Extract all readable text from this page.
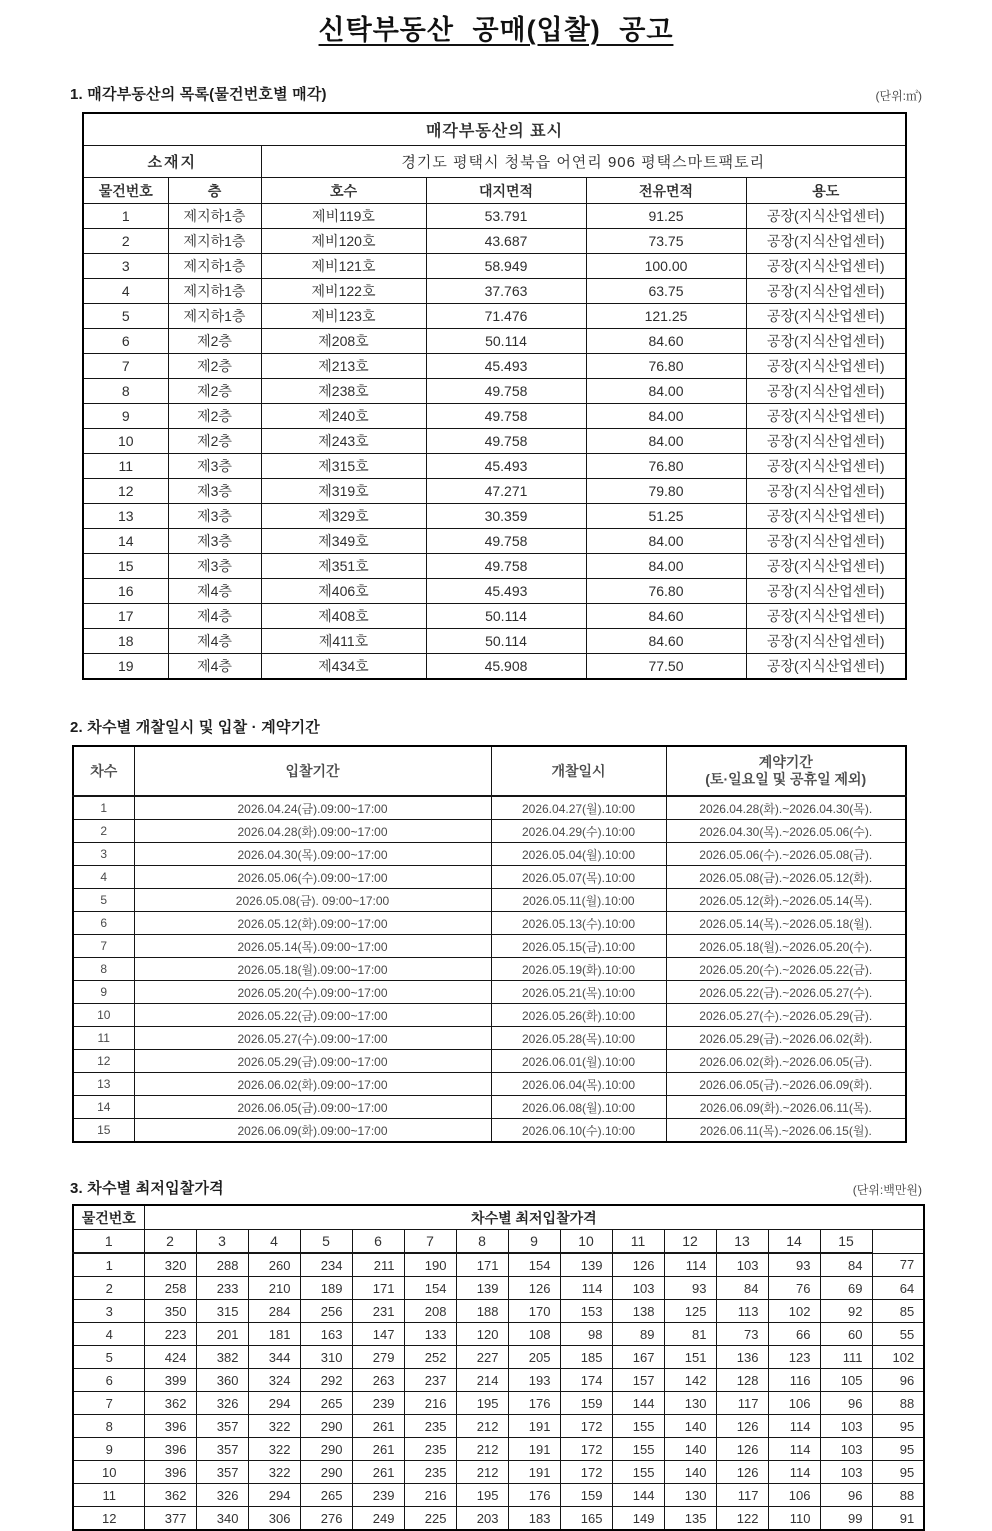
신탁부동산 공매(입찰) 공고
1. 매각부동산의 목록(물건번호별 매각)	(단위:㎡)
매각부동산의 표시					
소재지		경기도 평택시 청북읍 어연리 906 평택스마트팩토리			
물건번호	층	호수	대지면적	전유면적	용도
1	제지하1층	제비119호	53.791	91.25	공장(지식산업센터)
2	제지하1층	제비120호	43.687	73.75	공장(지식산업센터)
3	제지하1층	제비121호	58.949	100.00	공장(지식산업센터)
4	제지하1층	제비122호	37.763	63.75	공장(지식산업센터)
5	제지하1층	제비123호	71.476	121.25	공장(지식산업센터)
6	제2층	제208호	50.114	84.60	공장(지식산업센터)
7	제2층	제213호	45.493	76.80	공장(지식산업센터)
8	제2층	제238호	49.758	84.00	공장(지식산업센터)
9	제2층	제240호	49.758	84.00	공장(지식산업센터)
10	제2층	제243호	49.758	84.00	공장(지식산업센터)
11	제3층	제315호	45.493	76.80	공장(지식산업센터)
12	제3층	제319호	47.271	79.80	공장(지식산업센터)
13	제3층	제329호	30.359	51.25	공장(지식산업센터)
14	제3층	제349호	49.758	84.00	공장(지식산업센터)
15	제3층	제351호	49.758	84.00	공장(지식산업센터)
16	제4층	제406호	45.493	76.80	공장(지식산업센터)
17	제4층	제408호	50.114	84.60	공장(지식산업센터)
18	제4층	제411호	50.114	84.60	공장(지식산업센터)
19	제4층	제434호	45.908	77.50	공장(지식산업센터)
2. 차수별 개찰일시 및 입찰 · 계약기간
차수	입찰기간	개찰일시	계약기간
(토·일요일 및 공휴일 제외)

1	2026.04.24(금).09:00~17:00	2026.04.27(월).10:00	2026.04.28(화).~2026.04.30(목).
2	2026.04.28(화).09:00~17:00	2026.04.29(수).10:00	2026.04.30(목).~2026.05.06(수).
3	2026.04.30(목).09:00~17:00	2026.05.04(월).10:00	2026.05.06(수).~2026.05.08(금).
4	2026.05.06(수).09:00~17:00	2026.05.07(목).10:00	2026.05.08(금).~2026.05.12(화).
5	2026.05.08(금). 09:00~17:00	2026.05.11(월).10:00	2026.05.12(화).~2026.05.14(목).
6	2026.05.12(화).09:00~17:00	2026.05.13(수).10:00	2026.05.14(목).~2026.05.18(월).
7	2026.05.14(목).09:00~17:00	2026.05.15(금).10:00	2026.05.18(월).~2026.05.20(수).
8	2026.05.18(월).09:00~17:00	2026.05.19(화).10:00	2026.05.20(수).~2026.05.22(금).
9	2026.05.20(수).09:00~17:00	2026.05.21(목).10:00	2026.05.22(금).~2026.05.27(수).
10	2026.05.22(금).09:00~17:00	2026.05.26(화).10:00	2026.05.27(수).~2026.05.29(금).
11	2026.05.27(수).09:00~17:00	2026.05.28(목).10:00	2026.05.29(금).~2026.06.02(화).
12	2026.05.29(금).09:00~17:00	2026.06.01(월).10:00	2026.06.02(화).~2026.06.05(금).
13	2026.06.02(화).09:00~17:00	2026.06.04(목).10:00	2026.06.05(금).~2026.06.09(화).
14	2026.06.05(금).09:00~17:00	2026.06.08(월).10:00	2026.06.09(화).~2026.06.11(목).
15	2026.06.09(화).09:00~17:00	2026.06.10(수).10:00	2026.06.11(목).~2026.06.15(월).
3. 차수별 최저입찰가격	(단위:백만원)
물건번호	차수별 최저입찰가격														
1	2	3	4	5	6	7	8	9	10	11	12	13	14	15	
1	320	288	260	234	211	190	171	154	139	126	114	103	93	84	77
2	258	233	210	189	171	154	139	126	114	103	93	84	76	69	64
3	350	315	284	256	231	208	188	170	153	138	125	113	102	92	85
4	223	201	181	163	147	133	120	108	98	89	81	73	66	60	55
5	424	382	344	310	279	252	227	205	185	167	151	136	123	111	102
6	399	360	324	292	263	237	214	193	174	157	142	128	116	105	96
7	362	326	294	265	239	216	195	176	159	144	130	117	106	96	88
8	396	357	322	290	261	235	212	191	172	155	140	126	114	103	95
9	396	357	322	290	261	235	212	191	172	155	140	126	114	103	95
10	396	357	322	290	261	235	212	191	172	155	140	126	114	103	95
11	362	326	294	265	239	216	195	176	159	144	130	117	106	96	88
12	377	340	306	276	249	225	203	183	165	149	135	122	110	99	91
